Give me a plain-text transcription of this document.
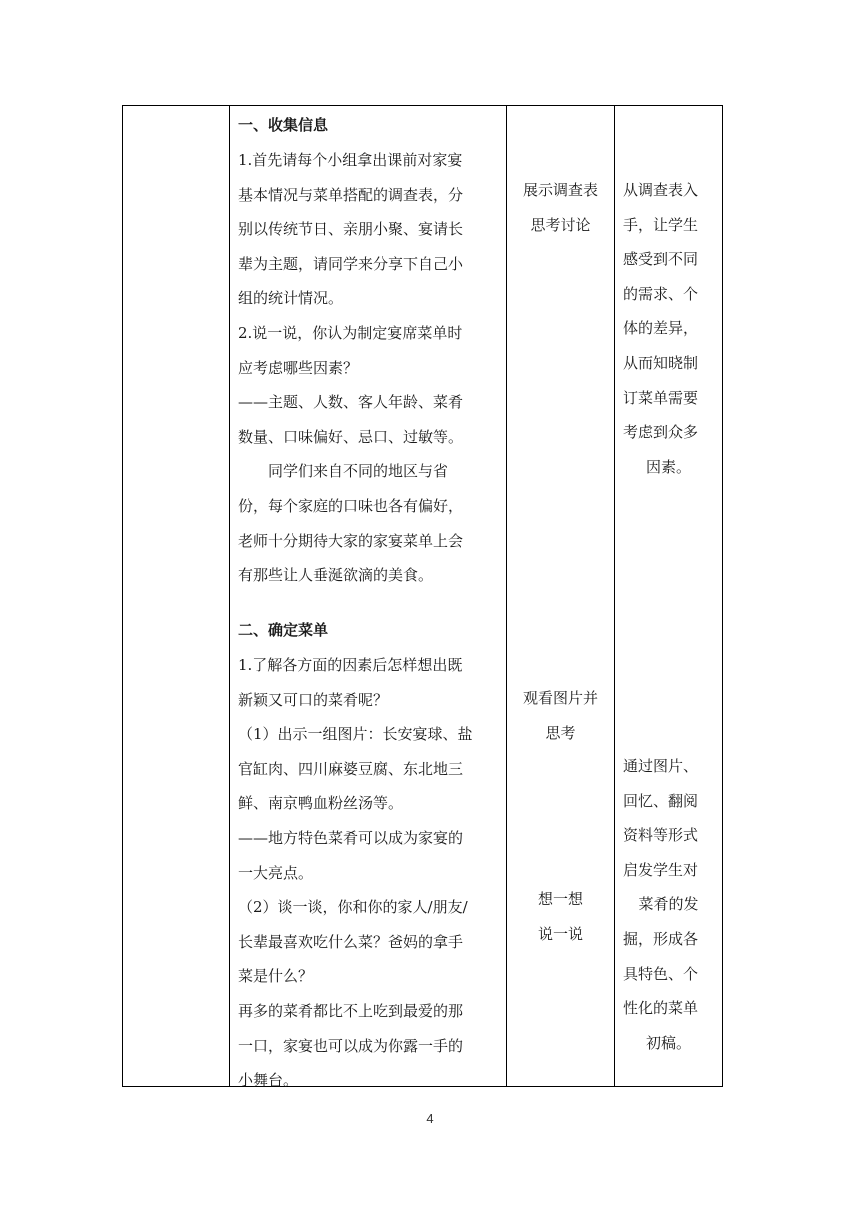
一、收集信息
1.首先请每个小组拿出课前对家宴
基本情况与菜单搭配的调查表，分
别以传统节日、亲朋小聚、宴请长
辈为主题，请同学来分享下自己小
组的统计情况。
2.说一说，你认为制定宴席菜单时
应考虑哪些因素？
——主题、人数、客人年龄、菜肴
数量、口味偏好、忌口、过敏等。
　　同学们来自不同的地区与省
份，每个家庭的口味也各有偏好，
老师十分期待大家的家宴菜单上会
有那些让人垂涎欲滴的美食。
二、确定菜单
1.了解各方面的因素后怎样想出既
新颖又可口的菜肴呢？
（1）出示一组图片：长安宴球、盐
官缸肉、四川麻婆豆腐、东北地三
鲜、南京鸭血粉丝汤等。
——地方特色菜肴可以成为家宴的
一大亮点。
（2）谈一谈，你和你的家人/朋友/
长辈最喜欢吃什么菜？爸妈的拿手
菜是什么？
再多的菜肴都比不上吃到最爱的那
一口，家宴也可以成为你露一手的
小舞台。

展示调查表
思考讨论
观看图片并
思考
想一想
说一说

从调查表入
手，让学生
感受到不同
的需求、个
体的差异，
从而知晓制
订菜单需要
考虑到众多
因素。
通过图片、
回忆、翻阅
资料等形式
启发学生对
菜肴的发
掘，形成各
具特色、个
性化的菜单
初稿。
4
